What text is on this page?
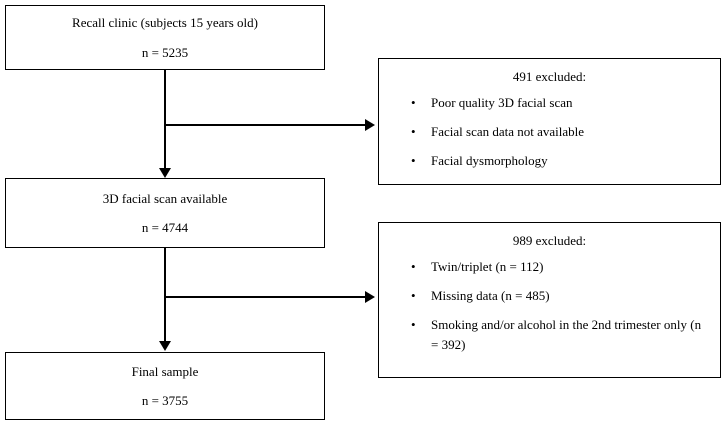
Recall clinic (subjects 15 years old)
n = 5235
491 excluded:
• Poor quality 3D facial scan
• Facial scan data not available
• Facial dysmorphology
3D facial scan available
n = 4744
989 excluded:
• Twin/triplet (n = 112)
• Missing data (n = 485)
• Smoking and/or alcohol in the 2nd trimester only (n = 392)
Final sample
n = 3755
